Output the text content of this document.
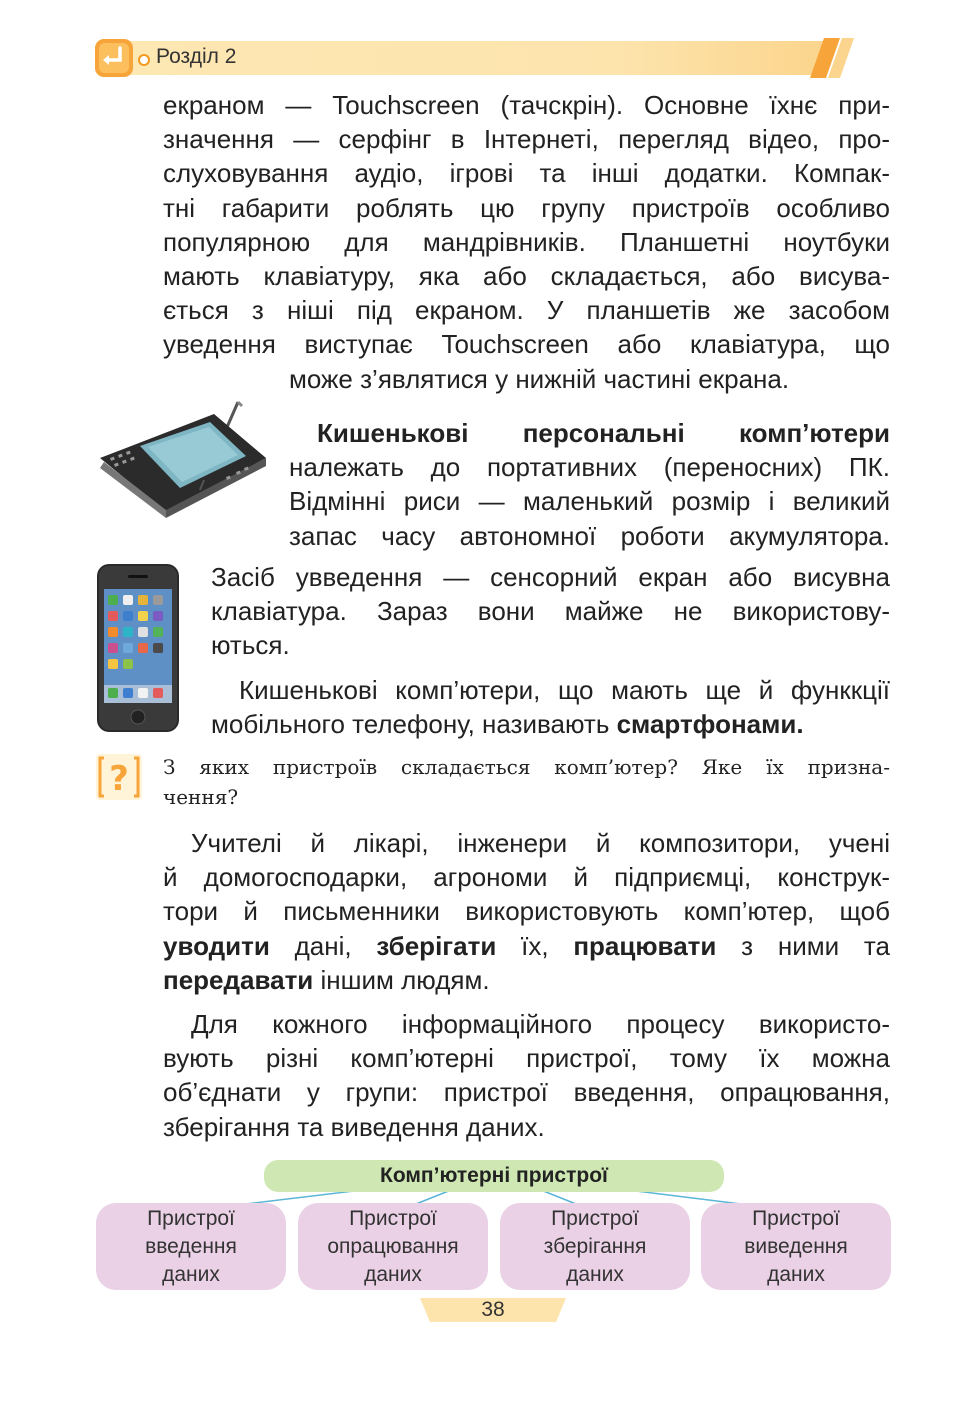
Розділ 2
екраном — Touchscreen (тачскрін). Основне їхнє при-
значення — серфінг в Інтернеті, перегляд відео, про-
слуховування аудіо, ігрові та інші додатки. Компак-
тні габарити роблять цю групу пристроїв особливо
популярною для мандрівників. Планшетні ноутбуки
мають клавіатуру, яка або складається, або висува-
ється з ніші під екраном. У планшетів же засобом
уведення виступає Touchscreen або клавіатура, що
може з’являтися у нижній частині екрана.
Кишенькові персональні комп’ютери
належать до портативних (переносних) ПК.
Відмінні риси — маленький розмір і великий
запас часу автономної роботи акумулятора.
Засіб увведення — сенсорний екран або висувна
клавіатура. Зараз вони майже не використову-
ються.
Кишенькові комп’ютери, що мають ще й функкції
мобільного телефону, називають смартфонами.
? З яких пристроїв складається комп’ютер? Яке їх призна-
чення?
Учителі й лікарі, інженери й композитори, учені
й домогосподарки, агрономи й підприємці, конструк-
тори й письменники використовують комп’ютер, щоб
уводити дані, зберігати їх, працювати з ними та
передавати іншим людям.
Для кожного інформаційного процесу використо-
вують різні комп’ютерні пристрої, тому їх можна
об’єднати у групи: пристрої введення, опрацювання,
зберігання та виведення даних.
Комп’ютерні пристрої
Пристрої
введення
даних
Пристрої
опрацювання
даних
Пристрої
зберігання
даних
Пристрої
виведення
даних
38
